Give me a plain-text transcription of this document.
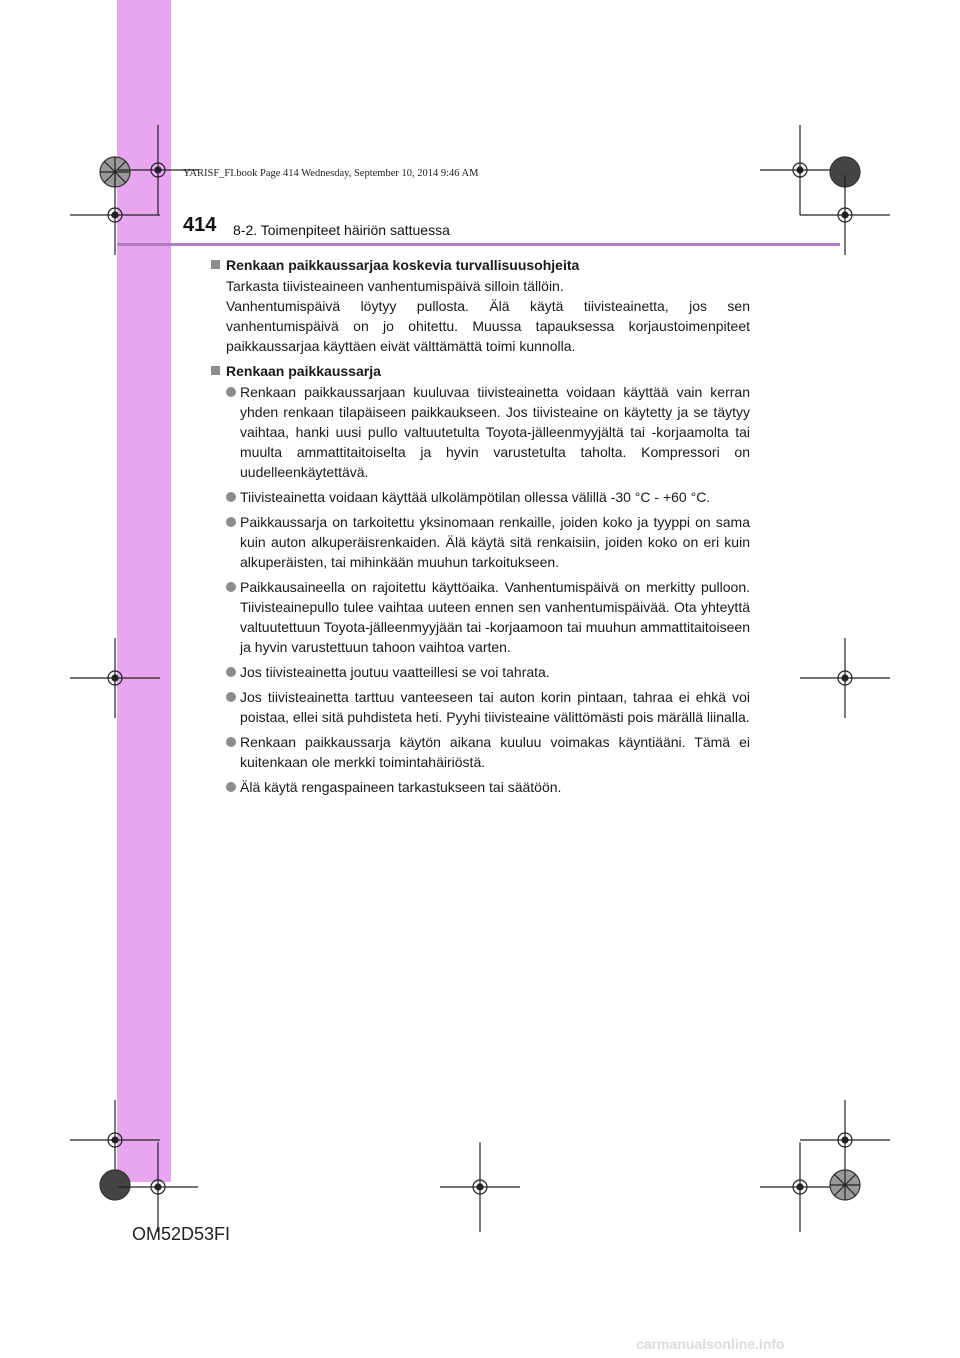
YARISF_FI.book Page 414 Wednesday, September 10, 2014 9:46 AM
414 8-2. Toimenpiteet häiriön sattuessa
Renkaan paikkaussarjaa koskevia turvallisuusohjeita
Tarkasta tiivisteaineen vanhentumispäivä silloin tällöin.
Vanhentumispäivä löytyy pullosta. Älä käytä tiivisteainetta, jos sen vanhentumispäivä on jo ohitettu. Muussa tapauksessa korjaustoimenpiteet paikkaussarjaa käyttäen eivät välttämättä toimi kunnolla.
Renkaan paikkaussarja
Renkaan paikkaussarjaan kuuluvaa tiivisteainetta voidaan käyttää vain kerran yhden renkaan tilapäiseen paikkaukseen. Jos tiivisteaine on käytetty ja se täytyy vaihtaa, hanki uusi pullo valtuutetulta Toyota-jälleenmyyjältä tai -korjaamolta tai muulta ammattitaitoiselta ja hyvin varustetulta taholta. Kompressori on uudelleenkäytettävä.
Tiivisteainetta voidaan käyttää ulkolämpötilan ollessa välillä -30 °C - +60 °C.
Paikkaussarja on tarkoitettu yksinomaan renkaille, joiden koko ja tyyppi on sama kuin auton alkuperäisrenkaiden. Älä käytä sitä renkaisiin, joiden koko on eri kuin alkuperäisten, tai mihinkään muuhun tarkoitukseen.
Paikkausaineella on rajoitettu käyttöaika. Vanhentumispäivä on merkitty pulloon. Tiivisteainepullo tulee vaihtaa uuteen ennen sen vanhentumispäivää. Ota yhteyttä valtuutettuun Toyota-jälleenmyyjään tai -korjaamoon tai muuhun ammattitaitoiseen ja hyvin varustettuun tahoon vaihtoa varten.
Jos tiivisteainetta joutuu vaatteillesi se voi tahrata.
Jos tiivisteainetta tarttuu vanteeseen tai auton korin pintaan, tahraa ei ehkä voi poistaa, ellei sitä puhdisteta heti. Pyyhi tiivisteaine välittömästi pois märällä liinalla.
Renkaan paikkaussarja käytön aikana kuuluu voimakas käyntiääni. Tämä ei kuitenkaan ole merkki toimintahäiriöstä.
Älä käytä rengaspaineen tarkastukseen tai säätöön.
OM52D53FI
carmanualsonline.info
